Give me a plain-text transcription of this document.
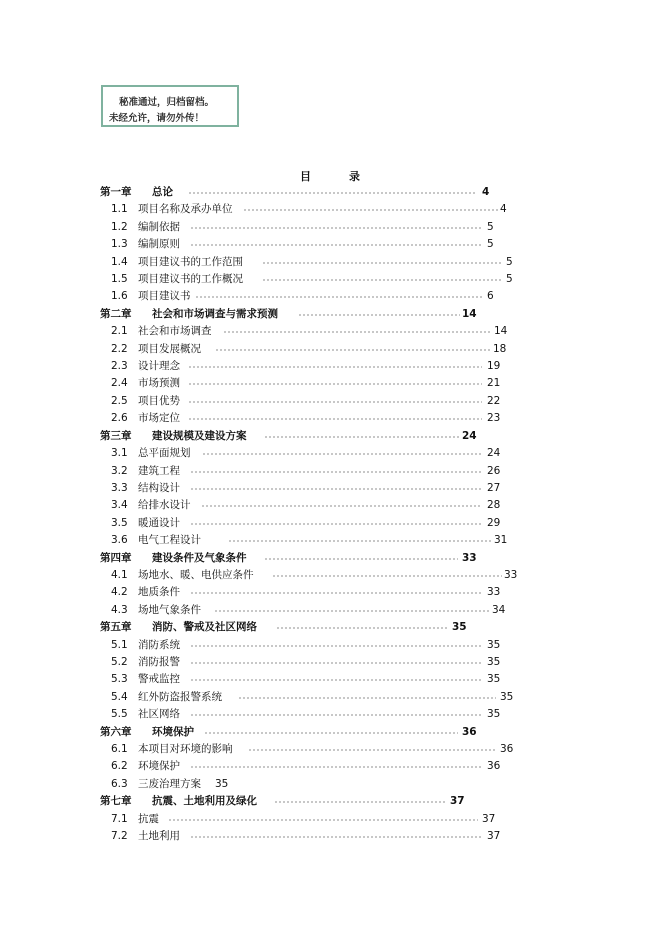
秘准通过，归档留档。
未经允许，请勿外传！
目录
第一章 总论	4
1.1 项目名称及承办单位	4
1.2 编制依据	5
1.3 编制原则	5
1.4 项目建议书的工作范围	5
1.5 项目建议书的工作概况	5
1.6 项目建议书	6
第二章 社会和市场调查与需求预测	14
2.1 社会和市场调查	14
2.2 项目发展概况	18
2.3 设计理念	19
2.4 市场预测	21
2.5 项目优势	22
2.6 市场定位	23
第三章 建设规模及建设方案	24
3.1 总平面规划	24
3.2 建筑工程	26
3.3 结构设计	27
3.4 给排水设计	28
3.5 暖通设计	29
3.6 电气工程设计	31
第四章 建设条件及气象条件	33
4.1 场地水、暖、电供应条件	33
4.2 地质条件	33
4.3 场地气象条件	34
第五章 消防、警戒及社区网络	35
5.1 消防系统	35
5.2 消防报警	35
5.3 警戒监控	35
5.4 红外防盗报警系统	35
5.5 社区网络	35
第六章 环境保护	36
6.1 本项目对环境的影响	36
6.2 环境保护	36
6.3 三废治理方案 35
第七章 抗震、土地利用及绿化	37
7.1 抗震	37
7.2 土地利用	37
